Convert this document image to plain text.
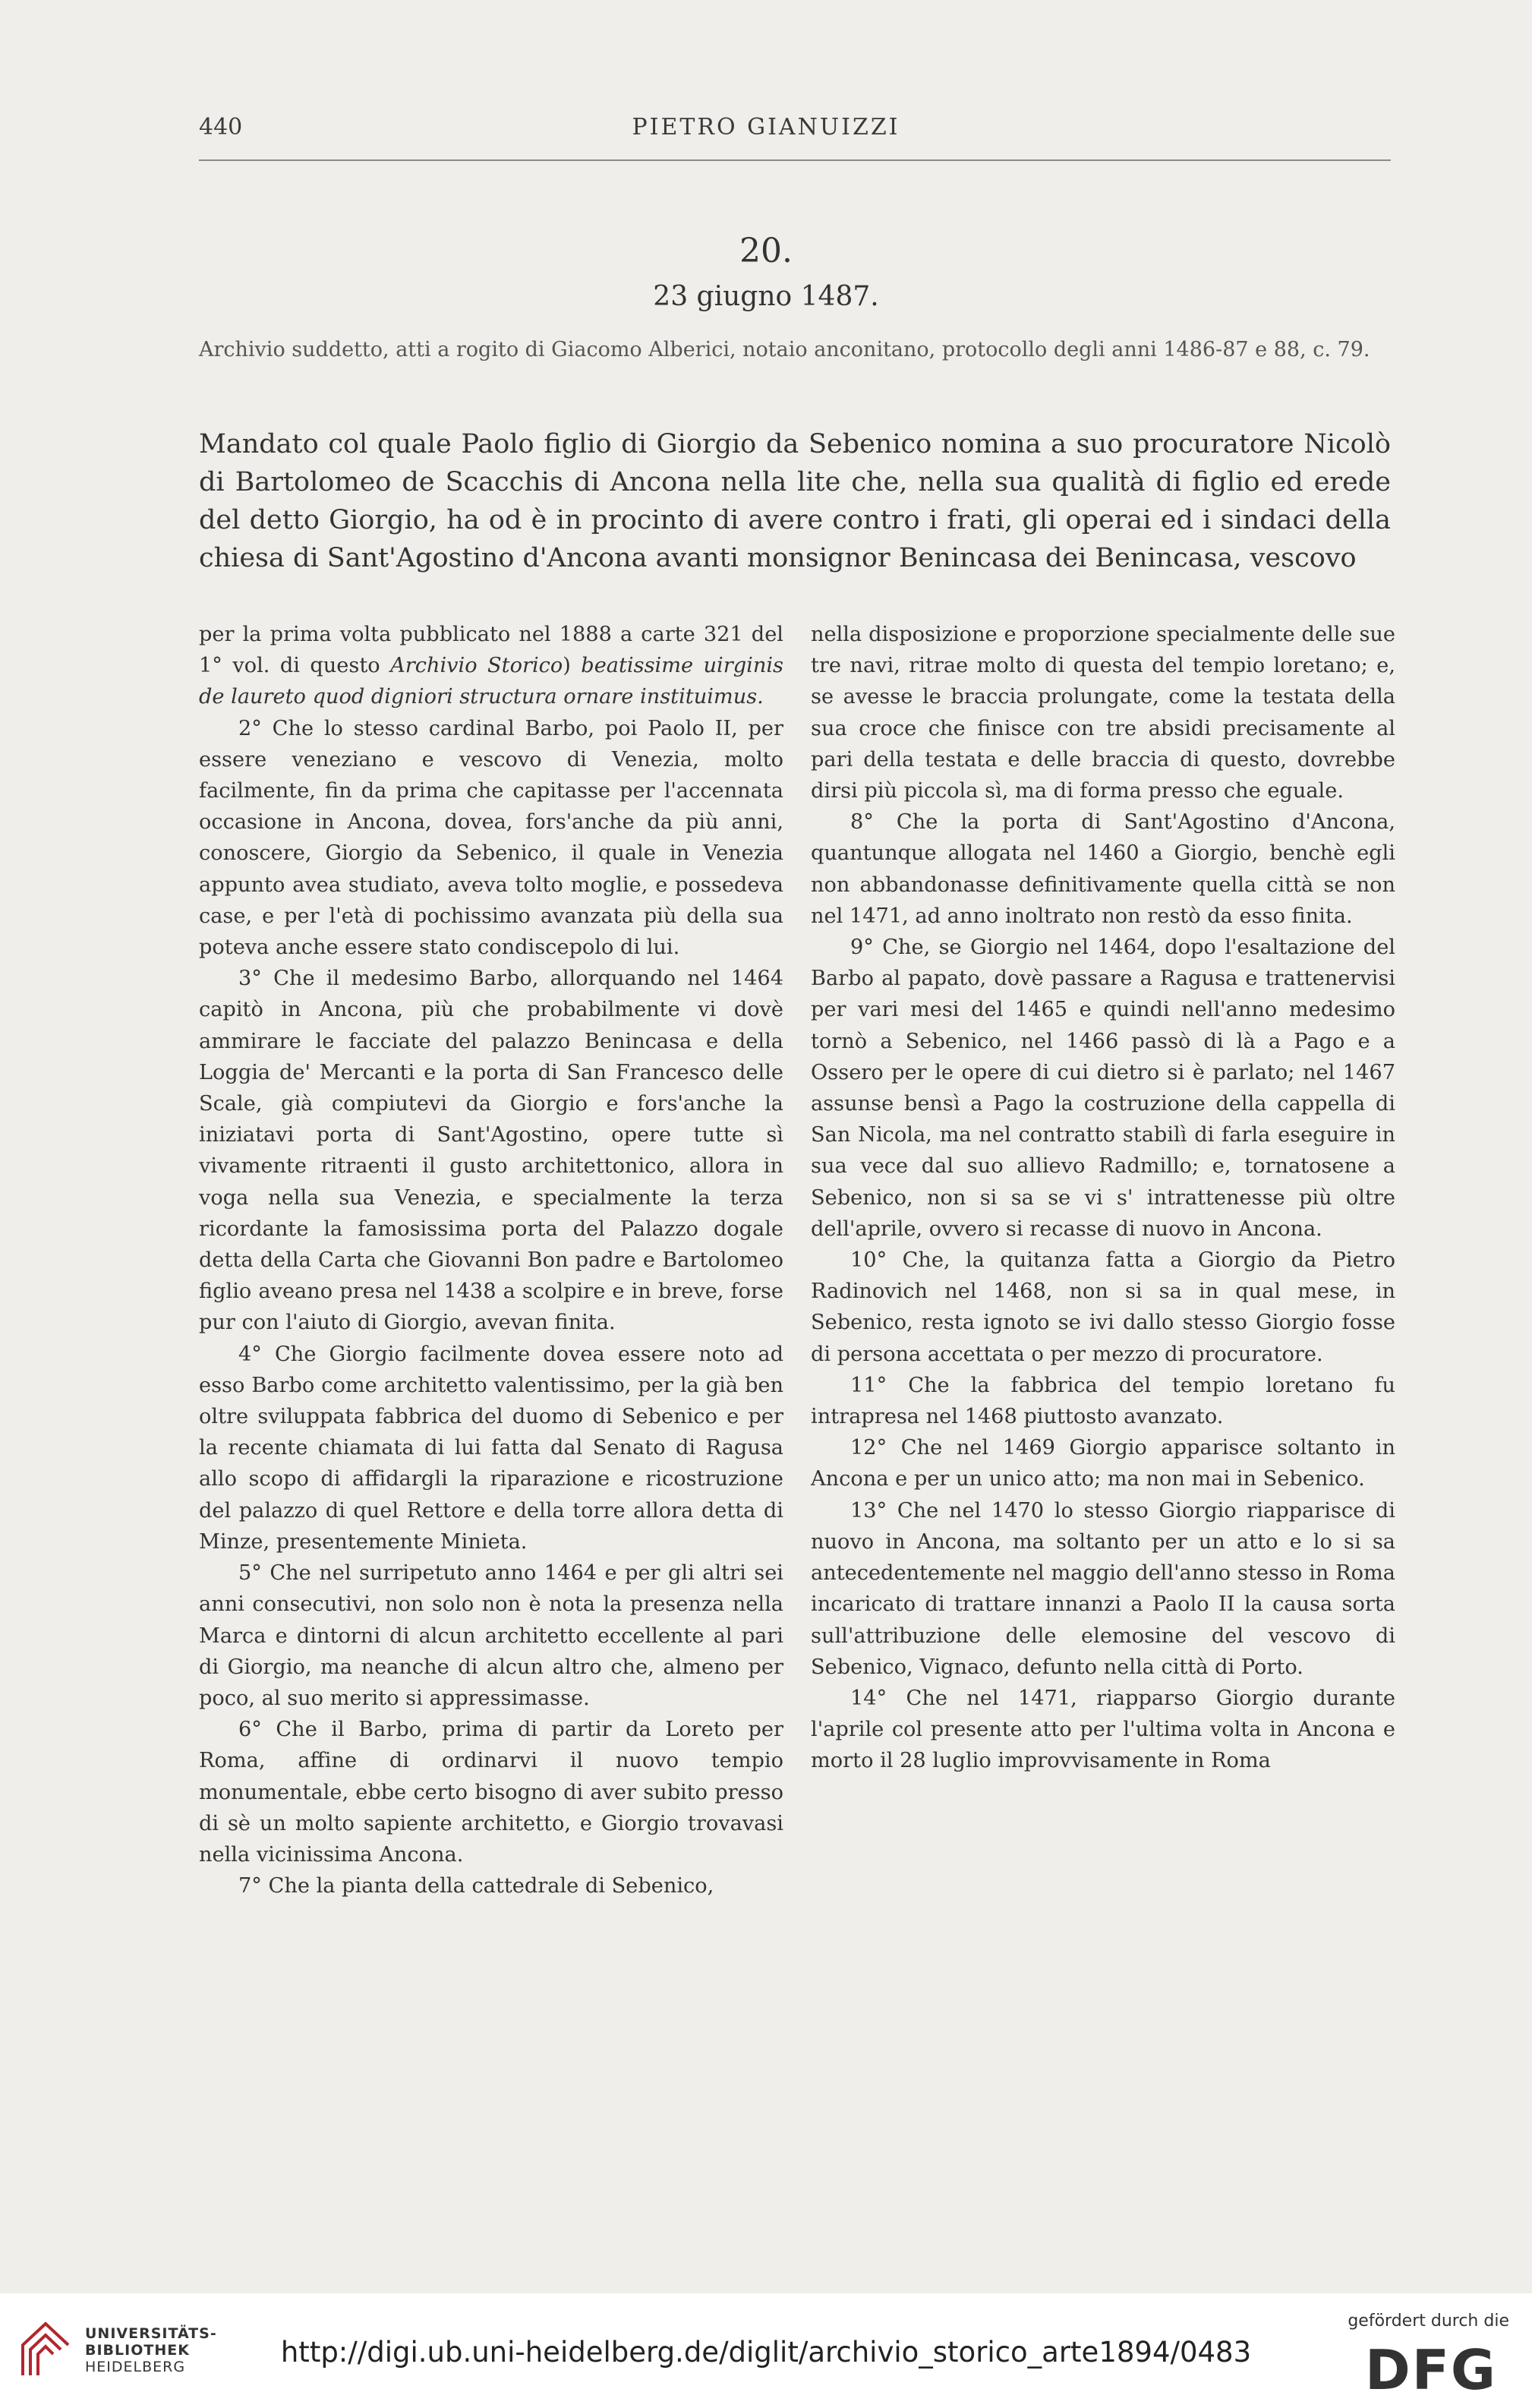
440	PIETRO GIANUIZZI
20.
23 giugno 1487.
Archivio suddetto, atti a rogito di Giacomo Alberici, notaio anconitano, protocollo degli anni 1486-87 e 88, c. 79.
Mandato col quale Paolo figlio di Giorgio da Sebenico nomina a suo procuratore Nicolò di Bartolomeo de Scacchis di Ancona nella lite che, nella sua qualità di figlio ed erede del detto Giorgio, ha od è in procinto di avere contro i frati, gli operai ed i sindaci della chiesa di Sant'Agostino d'Ancona avanti monsignor Benincasa dei Benincasa, vescovo

per la prima volta pubblicato nel 1888 a carte 321 del 1° vol. di questo Archivio Storico) beatissime uirginis de laureto quod digniori structura ornare instituimus.

2° Che lo stesso cardinal Barbo, poi Paolo II, per essere veneziano e vescovo di Venezia, molto facilmente, fin da prima che capitasse per l'accennata occasione in Ancona, dovea, fors'anche da più anni, conoscere, Giorgio da Sebenico, il quale in Venezia appunto avea studiato, aveva tolto moglie, e possedeva case, e per l'età di pochissimo avanzata più della sua poteva anche essere stato condiscepolo di lui.

3° Che il medesimo Barbo, allorquando nel 1464 capitò in Ancona, più che probabilmente vi dovè ammirare le facciate del palazzo Benincasa e della Loggia de' Mercanti e la porta di San Francesco delle Scale, già compiutevi da Giorgio e fors'anche la iniziatavi porta di Sant'Agostino, opere tutte sì vivamente ritraenti il gusto architettonico, allora in voga nella sua Venezia, e specialmente la terza ricordante la famosissima porta del Palazzo dogale detta della Carta che Giovanni Bon padre e Bartolomeo figlio aveano presa nel 1438 a scolpire e in breve, forse pur con l'aiuto di Giorgio, avevan finita.

4° Che Giorgio facilmente dovea essere noto ad esso Barbo come architetto valentissimo, per la già ben oltre sviluppata fabbrica del duomo di Sebenico e per la recente chiamata di lui fatta dal Senato di Ragusa allo scopo di affidargli la riparazione e ricostruzione del palazzo di quel Rettore e della torre allora detta di Minze, presentemente Minieta.

5° Che nel surripetuto anno 1464 e per gli altri sei anni consecutivi, non solo non è nota la presenza nella Marca e dintorni di alcun architetto eccellente al pari di Giorgio, ma neanche di alcun altro che, almeno per poco, al suo merito si appressimasse.

6° Che il Barbo, prima di partir da Loreto per Roma, affine di ordinarvi il nuovo tempio monumentale, ebbe certo bisogno di aver subito presso di sè un molto sapiente architetto, e Giorgio trovavasi nella vicinissima Ancona.

7° Che la pianta della cattedrale di Sebenico,

nella disposizione e proporzione specialmente delle sue tre navi, ritrae molto di questa del tempio loretano; e, se avesse le braccia prolungate, come la testata della sua croce che finisce con tre absidi precisamente al pari della testata e delle braccia di questo, dovrebbe dirsi più piccola sì, ma di forma presso che eguale.

8° Che la porta di Sant'Agostino d'Ancona, quantunque allogata nel 1460 a Giorgio, benchè egli non abbandonasse definitivamente quella città se non nel 1471, ad anno inoltrato non restò da esso finita.

9° Che, se Giorgio nel 1464, dopo l'esaltazione del Barbo al papato, dovè passare a Ragusa e trattenervisi per vari mesi del 1465 e quindi nell'anno medesimo tornò a Sebenico, nel 1466 passò di là a Pago e a Ossero per le opere di cui dietro si è parlato; nel 1467 assunse bensì a Pago la costruzione della cappella di San Nicola, ma nel contratto stabilì di farla eseguire in sua vece dal suo allievo Radmillo; e, tornatosene a Sebenico, non si sa se vi s' intrattenesse più oltre dell'aprile, ovvero si recasse di nuovo in Ancona.

10° Che, la quitanza fatta a Giorgio da Pietro Radinovich nel 1468, non si sa in qual mese, in Sebenico, resta ignoto se ivi dallo stesso Giorgio fosse di persona accettata o per mezzo di procuratore.

11° Che la fabbrica del tempio loretano fu intrapresa nel 1468 piuttosto avanzato.

12° Che nel 1469 Giorgio apparisce soltanto in Ancona e per un unico atto; ma non mai in Sebenico.

13° Che nel 1470 lo stesso Giorgio riapparisce di nuovo in Ancona, ma soltanto per un atto e lo si sa antecedentemente nel maggio dell'anno stesso in Roma incaricato di trattare innanzi a Paolo II la causa sorta sull'attribuzione delle elemosine del vescovo di Sebenico, Vignaco, defunto nella città di Porto.

14° Che nel 1471, riapparso Giorgio durante l'aprile col presente atto per l'ultima volta in Ancona e morto il 28 luglio improvvisamente in Roma

UNIVERSITÄTS-
BIBLIOTHEK
HEIDELBERG	http://digi.ub.uni-heidelberg.de/diglit/archivio_storico_arte1894/0483
gefördert durch die
DFG
